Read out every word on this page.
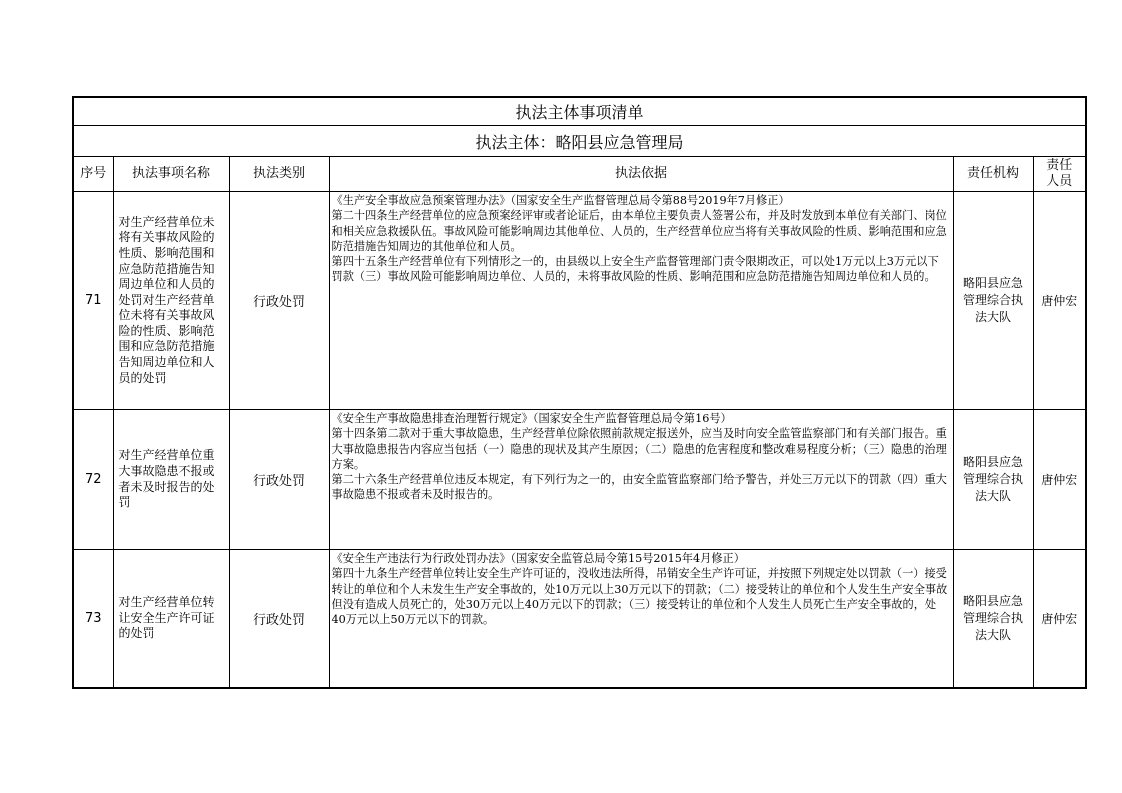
执法主体事项清单					
执法主体：略阳县应急管理局					
序号	执法事项名称	执法类别	执法依据	责任机构	责任人员
71	对生产经营单位未将有关事故风险的性质、影响范围和应急防范措施告知周边单位和人员的处罚对生产经营单位未将有关事故风险的性质、影响范围和应急防范措施告知周边单位和人员的处罚	行政处罚	《生产安全事故应急预案管理办法》（国家安全生产监督管理总局令第88号2019年7月修正）
第二十四条生产经营单位的应急预案经评审或者论证后，由本单位主要负责人签署公布，并及时发放到本单位有关部门、岗位和相关应急救援队伍。事故风险可能影响周边其他单位、人员的，生产经营单位应当将有关事故风险的性质、影响范围和应急防范措施告知周边的其他单位和人员。
第四十五条生产经营单位有下列情形之一的，由县级以上安全生产监督管理部门责令限期改正，可以处1万元以上3万元以下罚款（三）事故风险可能影响周边单位、人员的，未将事故风险的性质、影响范围和应急防范措施告知周边单位和人员的。	略阳县应急管理综合执法大队	唐仲宏
72	对生产经营单位重大事故隐患不报或者未及时报告的处罚	行政处罚	《安全生产事故隐患排查治理暂行规定》（国家安全生产监督管理总局令第16号）
第十四条第二款对于重大事故隐患，生产经营单位除依照前款规定报送外，应当及时向安全监管监察部门和有关部门报告。重大事故隐患报告内容应当包括（一）隐患的现状及其产生原因；（二）隐患的危害程度和整改难易程度分析；（三）隐患的治理方案。
第二十六条生产经营单位违反本规定，有下列行为之一的，由安全监管监察部门给予警告，并处三万元以下的罚款（四）重大事故隐患不报或者未及时报告的。	略阳县应急管理综合执法大队	唐仲宏
73	对生产经营单位转让安全生产许可证的处罚	行政处罚	《安全生产违法行为行政处罚办法》（国家安全监管总局令第15号2015年4月修正）
第四十九条生产经营单位转让安全生产许可证的，没收违法所得，吊销安全生产许可证，并按照下列规定处以罚款（一）接受转让的单位和个人未发生生产安全事故的，处10万元以上30万元以下的罚款；（二）接受转让的单位和个人发生生产安全事故但没有造成人员死亡的，处30万元以上40万元以下的罚款；（三）接受转让的单位和个人发生人员死亡生产安全事故的，处40万元以上50万元以下的罚款。	略阳县应急管理综合执法大队	唐仲宏
